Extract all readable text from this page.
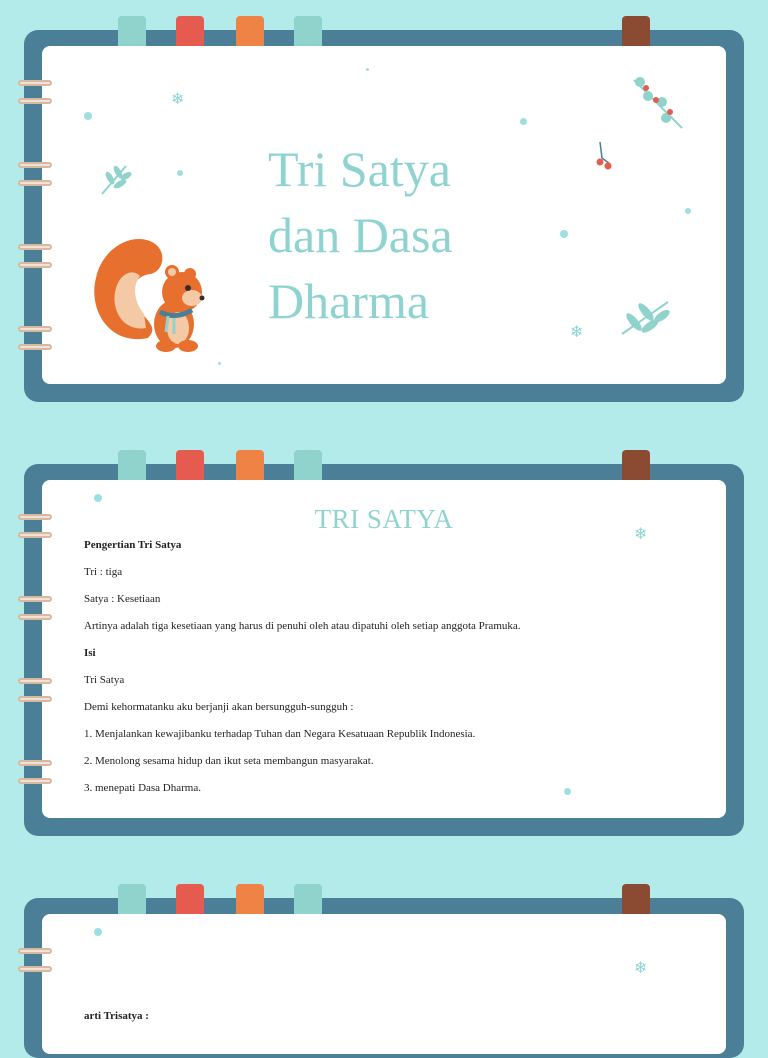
❄
❄
Tri Satya
dan Dasa
Dharma
❄
TRI SATYA

Pengertian Tri Satya

Tri : tiga

Satya : Kesetiaan

Artinya adalah tiga kesetiaan yang harus di penuhi oleh atau dipatuhi oleh setiap anggota Pramuka.

Isi

Tri Satya

Demi kehormatanku aku berjanji akan bersungguh-sungguh :

1. Menjalankan kewajibanku terhadap Tuhan dan Negara Kesatuaan Republik Indonesia.

2. Menolong sesama hidup dan ikut seta membangun masyarakat.

3. menepati Dasa Dharma.

❄
arti Trisatya :
